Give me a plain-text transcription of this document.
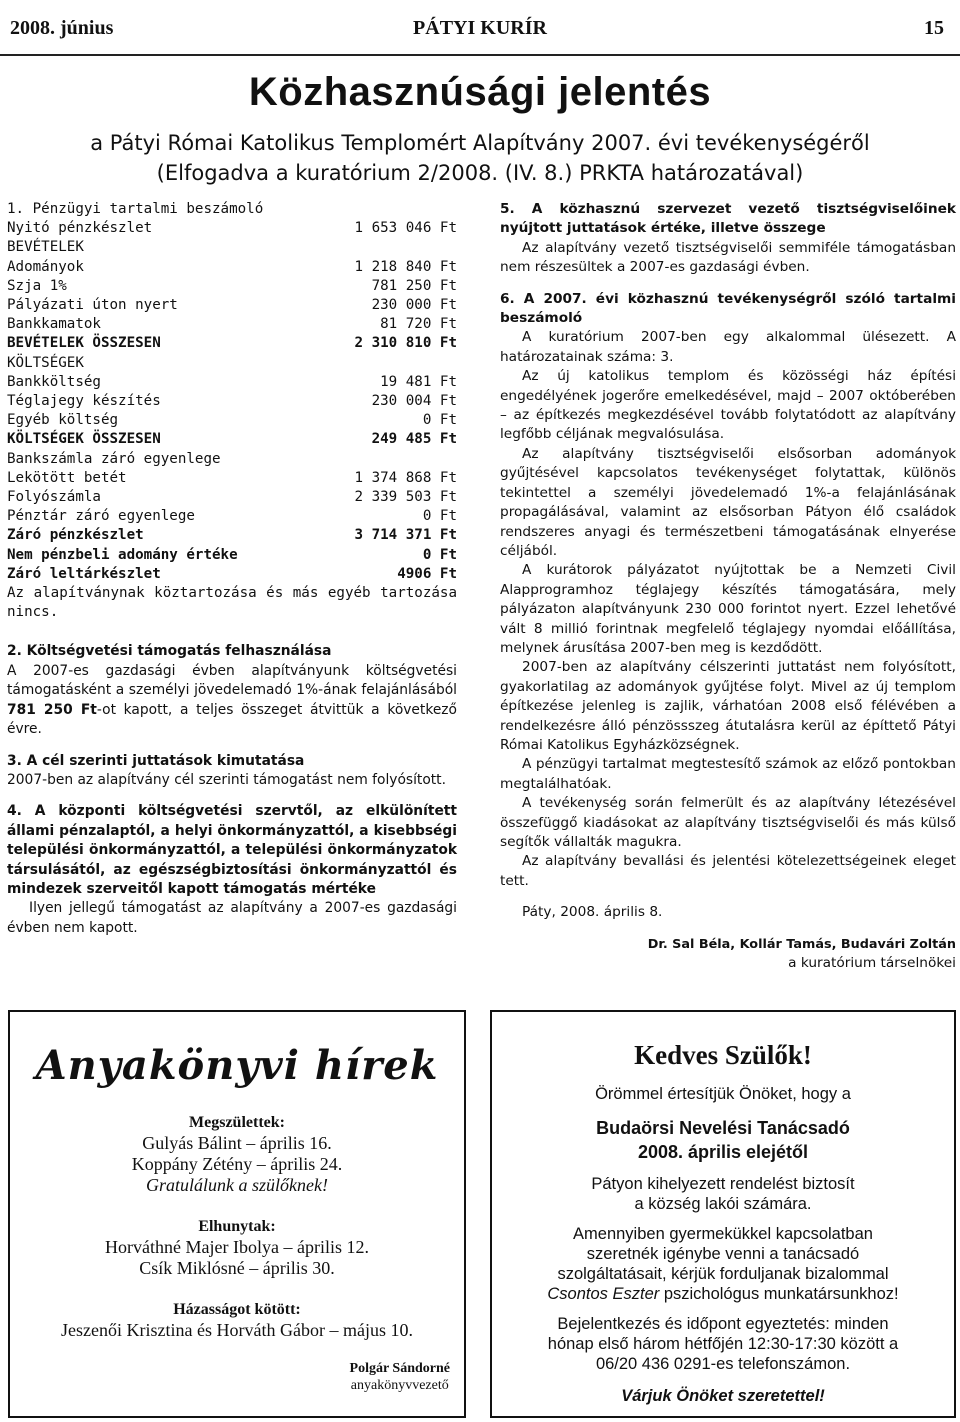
2008. június	PÁTYI KURÍR	15
Közhasznúsági jelentés
a Pátyi Római Katolikus Templomért Alapítvány 2007. évi tevékenységéről
(Elfogadva a kuratórium 2/2008. (IV. 8.) PRKTA határozatával)
1. Pénzügyi tartalmi beszámoló
Nyitó pénzkészlet	1 653 046 Ft
BEVÉTELEK
Adományok	1 218 840 Ft
Szja 1%	781 250 Ft
Pályázati úton nyert	230 000 Ft
Bankkamatok	81 720 Ft
BEVÉTELEK ÖSSZESEN	2 310 810 Ft
KÖLTSÉGEK
Bankköltség	19 481 Ft
Téglajegy készítés	230 004 Ft
Egyéb költség	0 Ft
KÖLTSÉGEK ÖSSZESEN	249 485 Ft
Bankszámla záró egyenlege
Lekötött betét	1 374 868 Ft
Folyószámla	2 339 503 Ft
Pénztár záró egyenlege	0 Ft
Záró pénzkészlet	3 714 371 Ft
Nem pénzbeli adomány értéke	0 Ft
Záró leltárkészlet	4906 Ft

Az alapítványnak köztartozása és más egyéb tartozása nincs.

2. Költségvetési támogatás felhasználása

A 2007-es gazdasági évben alapítványunk költségvetési támogatásként a személyi jövedelemadó 1%-ának felajánlásából 781 250 Ft-ot kapott, a teljes összeget átvittük a következő évre.

3. A cél szerinti juttatások kimutatása

2007-ben az alapítvány cél szerinti támogatást nem folyósított.

4. A központi költségvetési szervtől, az elkülönített állami pénzalaptól, a helyi önkormányzattól, a kisebbségi települési önkormányzattól, a települési önkormányzatok társulásától, az egészségbiztosítási önkormányzattól és mindezek szerveitől kapott támogatás mértéke

Ilyen jellegű támogatást az alapítvány a 2007-es gazdasági évben nem kapott.

5. A közhasznú szervezet vezető tisztségviselőinek nyújtott juttatások értéke, illetve összege

Az alapítvány vezető tisztségviselői semmiféle támogatásban nem részesültek a 2007-es gazdasági évben.

6. A 2007. évi közhasznú tevékenységről szóló tartalmi beszámoló

A kuratórium 2007-ben egy alkalommal ülésezett. A határozatainak száma: 3.

Az új katolikus templom és közösségi ház építési engedélyének jogerőre emelkedésével, majd – 2007 októberében – az építkezés megkezdésével tovább folytatódott az alapítvány legfőbb céljának megvalósulása.

Az alapítvány tisztségviselői elsősorban adományok gyűjtésével kapcsolatos tevékenységet folytattak, különös tekintettel a személyi jövedelemadó 1%-a felajánlásának propagálásával, valamint az elsősorban Pátyon élő családok rendszeres anyagi és természetbeni támogatásának elnyerése céljából.

A kurátorok pályázatot nyújtottak be a Nemzeti Civil Alapprogramhoz téglajegy készítés támogatására, mely pályázaton alapítványunk 230 000 forintot nyert. Ezzel lehetővé vált 8 millió forintnak megfelelő téglajegy nyomdai előállítása, melynek árusítása 2007-ben meg is kezdődött.

2007-ben az alapítvány célszerinti juttatást nem folyósított, gyakorlatilag az adományok gyűjtése folyt. Mivel az új templom építkezése jelenleg is zajlik, várhatóan 2008 első félévében a rendelkezésre álló pénzössszeg átutalásra kerül az építtető Pátyi Római Katolikus Egyházközségnek.

A pénzügyi tartalmat megtestesítő számok az előző pontokban megtalálhatóak.

A tevékenység során felmerült és az alapítvány létezésével összefüggő kiadásokat az alapítvány tisztségviselői és más külső segítők vállalták magukra.

Az alapítvány bevallási és jelentési kötelezettségeinek eleget tett.

Páty, 2008. április 8.

Dr. Sal Béla, Kollár Tamás, Budavári Zoltán

a kuratórium társelnökei

Anyakönyvi hírek
Megszülettek:
Gulyás Bálint – április 16.
Koppány Zétény – április 24.
Gratulálunk a szülőknek!
Elhunytak:
Horváthné Majer Ibolya – április 12.
Csík Miklósné – április 30.
Házasságot kötött:
Jeszenői Krisztina és Horváth Gábor – május 10.
Polgár Sándorné
anyakönyvvezető
Kedves Szülők!
Örömmel értesítjük Önöket, hogy a
Budaörsi Nevelési Tanácsadó
2008. április elejétől
Pátyon kihelyezett rendelést biztosít
a község lakói számára.
Amennyiben gyermekükkel kapcsolatban
szeretnék igénybe venni a tanácsadó
szolgáltatásait, kérjük forduljanak bizalommal
Csontos Eszter pszichológus munkatársunkhoz!
Bejelentkezés és időpont egyeztetés: minden
hónap első három hétfőjén 12:30-17:30 között a
06/20 436 0291-es telefonszámon.
Várjuk Önöket szeretettel!
